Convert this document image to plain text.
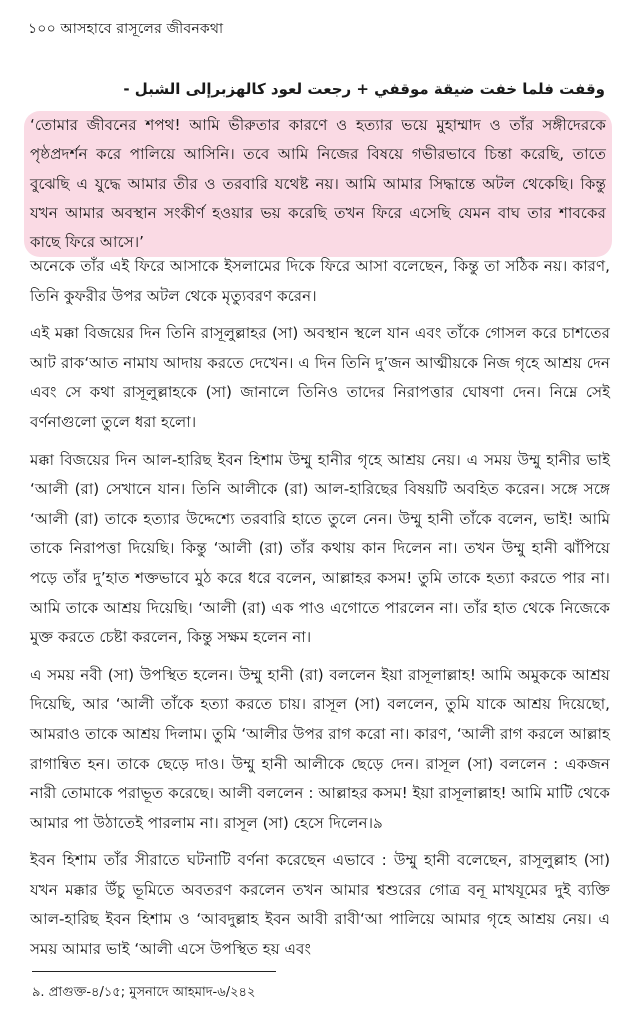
১০০ আসহাবে রাসূলের জীবনকথা
وقفت فلما خفت ضيقة موقفي + رجعت لعود كالهزبرإلى الشبل -
‘তোমার জীবনের শপথ! আমি ভীরুতার কারণে ও হত্যার ভয়ে মুহাম্মাদ ও তাঁর সঙ্গীদেরকে পৃষ্ঠপ্রদর্শন করে পালিয়ে আসিনি। তবে আমি নিজের বিষয়ে গভীরভাবে চিন্তা করেছি, তাতে বুঝেছি এ যুদ্ধে আমার তীর ও তরবারি যথেষ্ট নয়। আমি আমার সিদ্ধান্তে অটল থেকেছি। কিন্তু যখন আমার অবস্থান সংকীর্ণ হওয়ার ভয় করেছি তখন ফিরে এসেছি যেমন বাঘ তার শাবকের কাছে ফিরে আসে।’

অনেকে তাঁর এই ফিরে আসাকে ইসলামের দিকে ফিরে আসা বলেছেন, কিন্তু তা সঠিক নয়। কারণ, তিনি কুফরীর উপর অটল থেকে মৃত্যুবরণ করেন।

এই মক্কা বিজয়ের দিন তিনি রাসূলুল্লাহর (সা) অবস্থান স্থলে যান এবং তাঁকে গোসল করে চাশতের আট রাক‘আত নামায আদায় করতে দেখেন। এ দিন তিনি দু’জন আত্মীয়কে নিজ গৃহে আশ্রয় দেন এবং সে কথা রাসূলুল্লাহকে (সা) জানালে তিনিও তাদের নিরাপত্তার ঘোষণা দেন। নিম্নে সেই বর্ণনাগুলো তুলে ধরা হলো।

মক্কা বিজয়ের দিন আল-হারিছ ইবন হিশাম উম্মু হানীর গৃহে আশ্রয় নেয়। এ সময় উম্মু হানীর ভাই ‘আলী (রা) সেখানে যান। তিনি আলীকে (রা) আল-হারিছের বিষয়টি অবহিত করেন। সঙ্গে সঙ্গে ‘আলী (রা) তাকে হত্যার উদ্দেশ্যে তরবারি হাতে তুলে নেন। উম্মু হানী তাঁকে বলেন, ভাই! আমি তাকে নিরাপত্তা দিয়েছি। কিন্তু ‘আলী (রা) তাঁর কথায় কান দিলেন না। তখন উম্মু হানী ঝাঁপিয়ে পড়ে তাঁর দু’হাত শক্তভাবে মুঠ করে ধরে বলেন, আল্লাহর কসম! তুমি তাকে হত্যা করতে পার না। আমি তাকে আশ্রয় দিয়েছি। ‘আলী (রা) এক পাও এগোতে পারলেন না। তাঁর হাত থেকে নিজেকে মুক্ত করতে চেষ্টা করলেন, কিন্তু সক্ষম হলেন না।

এ সময় নবী (সা) উপস্থিত হলেন। উম্মু হানী (রা) বললেন ইয়া রাসূলাল্লাহ! আমি অমুককে আশ্রয় দিয়েছি, আর ‘আলী তাঁকে হত্যা করতে চায়। রাসূল (সা) বললেন, তুমি যাকে আশ্রয় দিয়েছো, আমরাও তাকে আশ্রয় দিলাম। তুমি ‘আলীর উপর রাগ করো না। কারণ, ‘আলী রাগ করলে আল্লাহ রাগান্বিত হন। তাকে ছেড়ে দাও। উম্মু হানী আলীকে ছেড়ে দেন। রাসূল (সা) বললেন : একজন নারী তোমাকে পরাভূত করেছে। আলী বললেন : আল্লাহর কসম! ইয়া রাসূলাল্লাহ! আমি মাটি থেকে আমার পা উঠাতেই পারলাম না। রাসূল (সা) হেসে দিলেন।৯

ইবন হিশাম তাঁর সীরাতে ঘটনাটি বর্ণনা করেছেন এভাবে : উম্মু হানী বলেছেন, রাসূলুল্লাহ (সা) যখন মক্কার উঁচু ভূমিতে অবতরণ করলেন তখন আমার শ্বশুরের গোত্র বনূ মাখযূমের দুই ব্যক্তি আল-হারিছ ইবন হিশাম ও ‘আবদুল্লাহ ইবন আবী রাবী‘আ পালিয়ে আমার গৃহে আশ্রয় নেয়। এ সময় আমার ভাই ‘আলী এসে উপস্থিত হয় এবং

৯. প্রাগুক্ত-৪/১৫; মুসনাদে আহমাদ-৬/২৪২
